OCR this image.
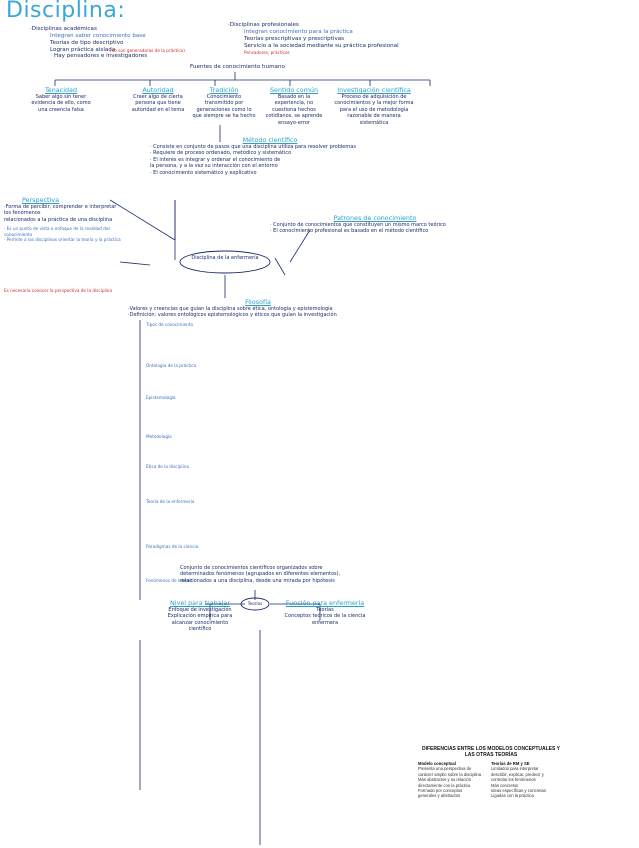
Disciplina:
·Disciplinas académicas
Integran saber conocimiento base
Teorías de tipo descriptivo
Logran práctica aislada
(no son generadoras de la práctica)
Hay pensadores e investigadores
·Disciplinas profesionales
Integran conocimiento para la práctica
Teorías prescriptivas y prescriptivas
Servicio a la sociedad mediante su práctica profesional
Pensadores, prácticos
Fuentes de conocimiento humano
Tenacidad
Saber algo sin tener evidencia de ello, como una creencia falsa
Autoridad
Creer algo de cierta persona que tiene autoridad en el tema
Tradición
Conocimiento transmitido por generaciones como lo que siempre se ha hecho
Sentido común
Basado en la experiencia, no cuestiona hechos cotidianos, se aprende ensayo-error
Investigación científica
Proceso de adquisición de conocimientos y la mejor forma para el uso de metodología razonable de manera sistemática
Método científico
· Consiste en conjunto de pasos que una disciplina utiliza para resolver problemas
· Requiere de proceso ordenado, metódico y sistemático
· El interés es integrar y ordenar el conocimiento de
la persona, y a la vez su interacción con el entorno
· El conocimiento sistemático y explicativo
Perspectiva
·Forma de percibir, comprender e interpretar los fenómenos
relacionados a la práctica de una disciplina
· Es un punto de vista o enfoque de la realidad del conocimiento
· Permite a las disciplinas orientar la teoría y la práctica
Es necesario conocer la perspectiva de la disciplina
Disciplina de la enfermería
Patrones de conocimiento
· Conjunto de conocimientos que constituyen un mismo marco teórico
· El conocimiento profesional es basado en el método científico
Filosofía
·Valores y creencias que guían la disciplina sobre ética, ontología y epistemología
·Definición: valores ontológicos epistemológicos y éticos que guían la investigación
Tipos de conocimiento
Ontología de la práctica
Epistemología
Metodología
Ética de la disciplina
Teoría de la enfermería
Paradigmas de la ciencia
Fenómenos de interés
Conjunto de conocimientos científicos organizados sobre determinados fenómenos (agrupados en diferentes elementos), relacionados a una disciplina, desde una mirada por hipótesis
Teorías
Nivel para trabajar
Enfoque de investigación
Explicación empírica para alcanzar conocimiento científico
Función para enfermería
Teorías
Conceptos teóricos de la ciencia enfermera
DIFERENCIAS ENTRE LOS MODELOS CONCEPTUALES Y LAS OTRAS TEORÍAS
Modelo conceptual
Presenta una perspectiva de
carácter amplio sobre la disciplina
Más abstractos y su relación
directamente con la práctica
Formado por conceptos
generales y abstractos
Teorías de RM y SE
Limitados para interpretar
describir, explicar, predecir y
controlar los fenómenos
Más concretos
Ideas específicas y concretas
Ligadas con la práctica
